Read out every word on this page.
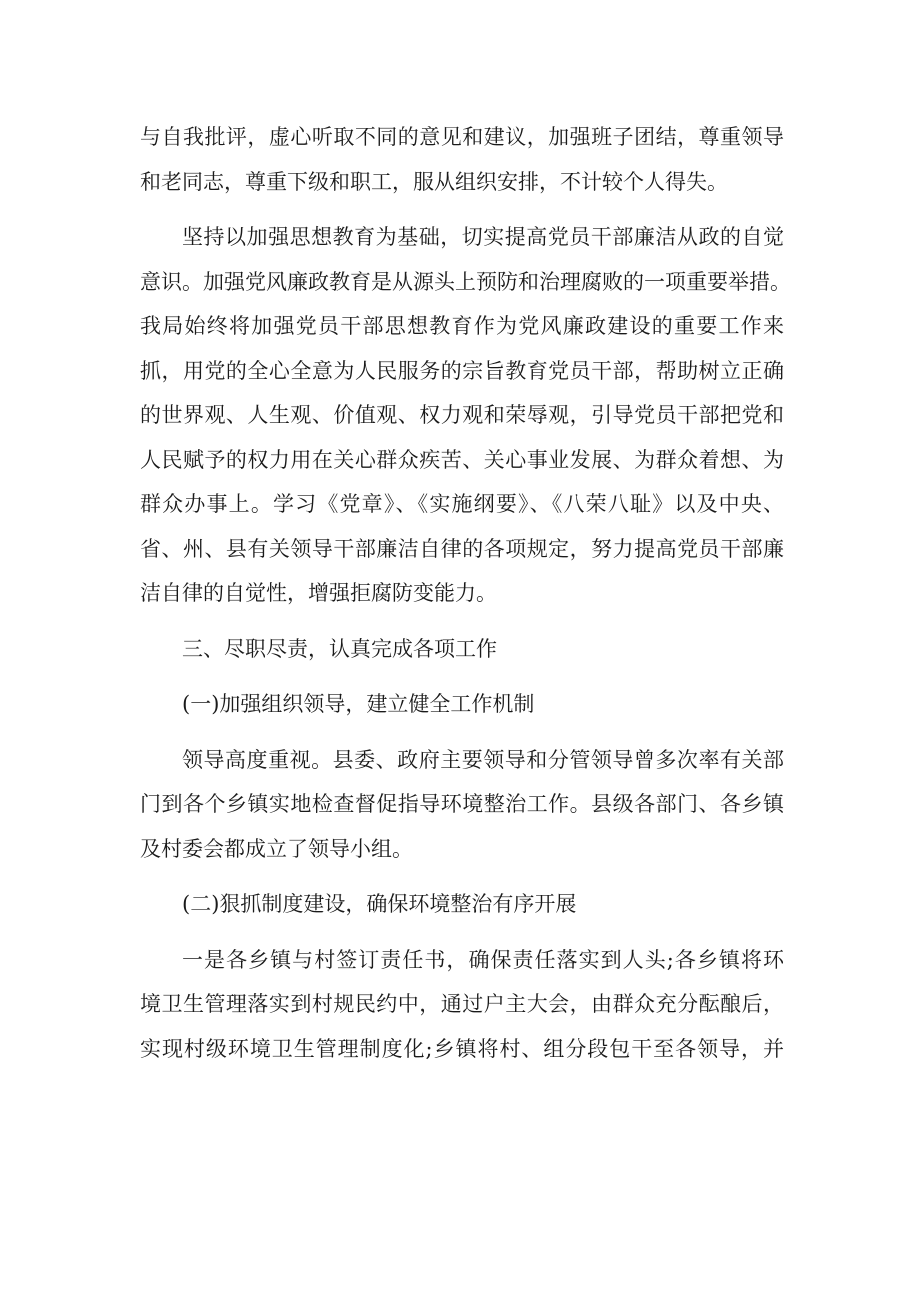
与自我批评，虚心听取不同的意见和建议，加强班子团结，尊重领导
和老同志，尊重下级和职工，服从组织安排，不计较个人得失。
坚持以加强思想教育为基础，切实提高党员干部廉洁从政的自觉
意识。加强党风廉政教育是从源头上预防和治理腐败的一项重要举措。
我局始终将加强党员干部思想教育作为党风廉政建设的重要工作来
抓，用党的全心全意为人民服务的宗旨教育党员干部，帮助树立正确
的世界观、人生观、价值观、权力观和荣辱观，引导党员干部把党和
人民赋予的权力用在关心群众疾苦、关心事业发展、为群众着想、为
群众办事上。学习《党章》、《实施纲要》、《八荣八耻》以及中央、
省、州、县有关领导干部廉洁自律的各项规定，努力提高党员干部廉
洁自律的自觉性，增强拒腐防变能力。
三、尽职尽责，认真完成各项工作
(一)加强组织领导，建立健全工作机制
领导高度重视。县委、政府主要领导和分管领导曾多次率有关部
门到各个乡镇实地检查督促指导环境整治工作。县级各部门、各乡镇
及村委会都成立了领导小组。
(二)狠抓制度建设，确保环境整治有序开展
一是各乡镇与村签订责任书，确保责任落实到人头;各乡镇将环
境卫生管理落实到村规民约中，通过户主大会，由群众充分酝酿后，
实现村级环境卫生管理制度化;乡镇将村、组分段包干至各领导，并
